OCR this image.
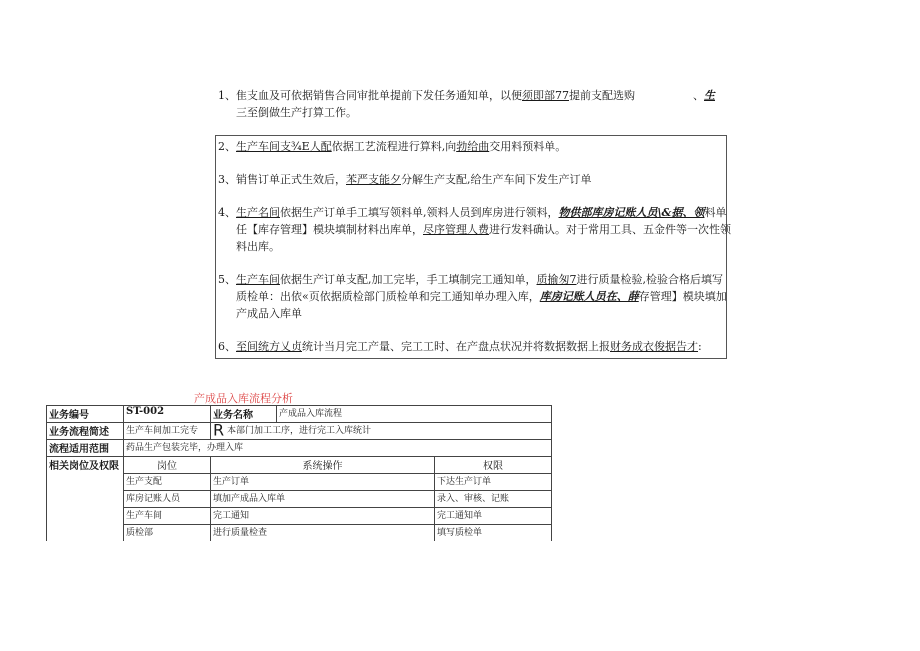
1、隹支血及可依据销售合同审批单提前下发任务通知单，以便须即部77提前支配选购	、生
三至倒做生产打算工作。
2、生产车间支¾E人配依据工艺流程进行算料,向勃给曲交用料预料单。
3、销售订单正式生效后，苯严支能夕分解生产支配,给生产车间下发生产订单
4、生产名间依据生产订单手工填写领料单,领料人员到库房进行领料，物供部库房记账人员\&据、领料单
任【库存管理】模块填制材料出库单，尽序管理人费进行发料确认。对于常用工具、五金件等一次性领
料出库。
5、生产车间依据生产订单支配,加工完毕，手工填制完工通知单，质揄匆7进行质量检验,检验合格后填写
质检单：出依«页依据质检部门质检单和完工通知单办理入库，库房记账人员在、薛存管理】模块填加
产成品入库单
6、至间统方乂贞统计当月完工产量、完工工时、在产盘点状况并将数据数据上报财务成衣俊据告才:
产成品入库流程分析
业务编号	ST-002	业务名称	产成品入库流程	
业务流程简述	生产车间加工完专	R 本部门加工工序，进行完工入库统计		
流程适用范围	药品生产包装完毕，办理入库			
相关岗位及权限	岗位	系统操作		权限
	生产支配	生产订单		下达生产订单
	库房记账人员	填加产成品入库单		录入、审核、记账
	生产车间	完工通知		完工通知单
	质检部	进行质量检查		填写质检单
